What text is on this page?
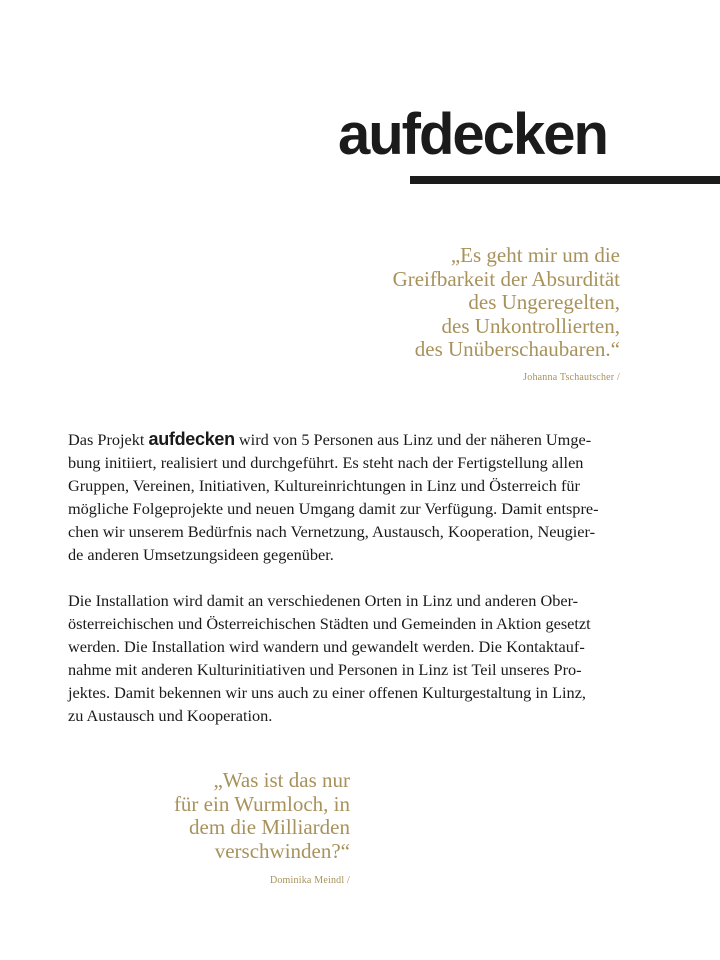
aufdecken

„Es geht mir um die
Greifbarkeit der Absurdität
des Ungeregelten,
des Unkontrollierten,
des Unüberschaubaren.“

Johanna Tschautscher /

Das Projekt aufdecken wird von 5 Personen aus Linz und der näheren Umge-
bung initiiert, realisiert und durchgeführt. Es steht nach der Fertigstellung allen
Gruppen, Vereinen, Initiativen, Kultureinrichtungen in Linz und Österreich für
mögliche Folgeprojekte und neuen Umgang damit zur Verfügung. Damit entspre-
chen wir unserem Bedürfnis nach Vernetzung, Austausch, Kooperation, Neugier-
de anderen Umsetzungsideen gegenüber.

Die Installation wird damit an verschiedenen Orten in Linz und anderen Ober-
österreichischen und Österreichischen Städten und Gemeinden in Aktion gesetzt
werden. Die Installation wird wandern und gewandelt werden. Die Kontaktauf-
nahme mit anderen Kulturinitiativen und Personen in Linz ist Teil unseres Pro-
jektes. Damit bekennen wir uns auch zu einer offenen Kulturgestaltung in Linz,
zu Austausch und Kooperation.

„Was ist das nur
für ein Wurmloch, in
dem die Milliarden
verschwinden?“

Dominika Meindl /
